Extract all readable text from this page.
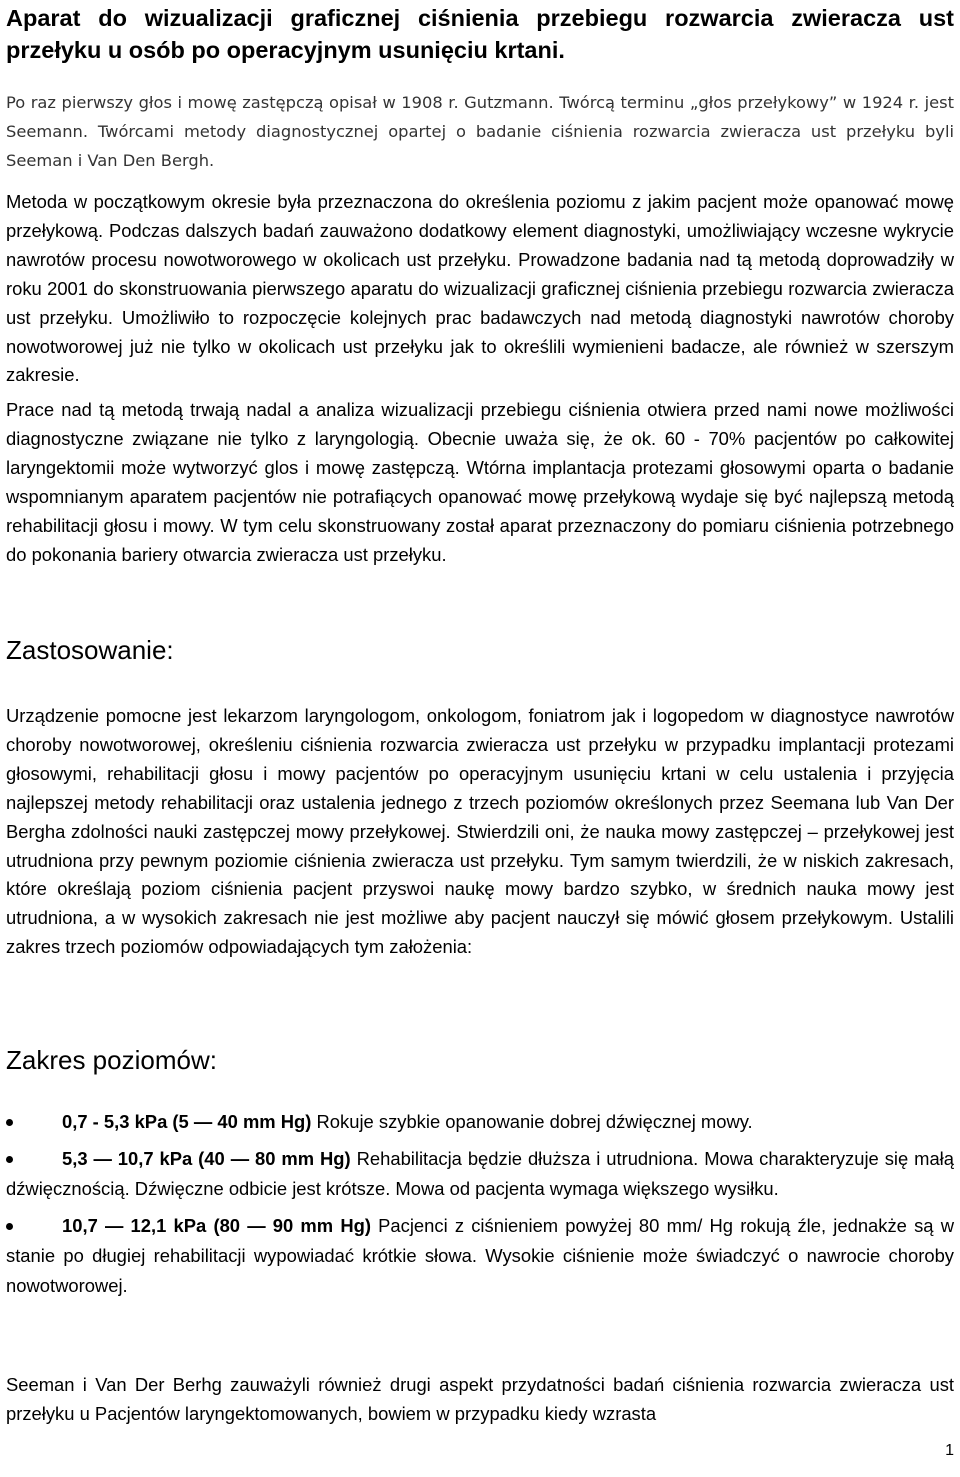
Aparat do wizualizacji graficznej ciśnienia przebiegu rozwarcia zwieracza ust przełyku u osób po operacyjnym usunięciu krtani.

Po raz pierwszy głos i mowę zastępczą opisał w 1908 r. Gutzmann. Twórcą terminu „głos przełykowy” w 1924 r. jest Seemann. Twórcami metody diagnostycznej opartej o badanie ciśnienia rozwarcia zwieracza ust przełyku byli Seeman i Van Den Bergh.

Metoda w początkowym okresie była przeznaczona do określenia poziomu z jakim pacjent może opanować mowę przełykową. Podczas dalszych badań zauważono dodatkowy element diagnostyki, umożliwiający wczesne wykrycie nawrotów procesu nowotworowego w okolicach ust przełyku. Prowadzone badania nad tą metodą doprowadziły w roku 2001 do skonstruowania pierwszego aparatu do wizualizacji graficznej ciśnienia przebiegu rozwarcia zwieracza ust przełyku. Umożliwiło to rozpoczęcie kolejnych prac badawczych nad metodą diagnostyki nawrotów choroby nowotworowej już nie tylko w okolicach ust przełyku jak to określili wymienieni badacze, ale również w szerszym zakresie.

Prace nad tą metodą trwają nadal a analiza wizualizacji przebiegu ciśnienia otwiera przed nami nowe możliwości diagnostyczne związane nie tylko z laryngologią. Obecnie uważa się, że ok. 60 - 70% pacjentów po całkowitej laryngektomii może wytworzyć glos i mowę zastępczą. Wtórna implantacja protezami głosowymi oparta o badanie wspomnianym aparatem pacjentów nie potrafiących opanować mowę przełykową wydaje się być najlepszą metodą rehabilitacji głosu i mowy. W tym celu skonstruowany został aparat przeznaczony do pomiaru ciśnienia potrzebnego do pokonania bariery otwarcia zwieracza ust przełyku.

Zastosowanie:

Urządzenie pomocne jest lekarzom laryngologom, onkologom, foniatrom jak i logopedom w diagnostyce nawrotów choroby nowotworowej, określeniu ciśnienia rozwarcia zwieracza ust przełyku w przypadku implantacji protezami głosowymi, rehabilitacji głosu i mowy pacjentów po operacyjnym usunięciu krtani w celu ustalenia i przyjęcia najlepszej metody rehabilitacji oraz ustalenia jednego z trzech poziomów określonych przez Seemana lub Van Der Bergha zdolności nauki zastępczej mowy przełykowej. Stwierdzili oni, że nauka mowy zastępczej – przełykowej jest utrudniona przy pewnym poziomie ciśnienia zwieracza ust przełyku. Tym samym twierdzili, że w niskich zakresach, które określają poziom ciśnienia pacjent przyswoi naukę mowy bardzo szybko, w średnich nauka mowy jest utrudniona, a w wysokich zakresach nie jest możliwe aby pacjent nauczył się mówić głosem przełykowym. Ustalili zakres trzech poziomów odpowiadających tym założenia:

Zakres poziomów:
0,7 - 5,3 kPa (5 — 40 mm Hg) Rokuje szybkie opanowanie dobrej dźwięcznej mowy.
5,3 — 10,7 kPa (40 — 80 mm Hg) Rehabilitacja będzie dłuższa i utrudniona. Mowa charakteryzuje się małą dźwięcznością. Dźwięczne odbicie jest krótsze. Mowa od pacjenta wymaga większego wysiłku.
10,7 — 12,1 kPa (80 — 90 mm Hg) Pacjenci z ciśnieniem powyżej 80 mm/ Hg rokują źle, jednakże są w stanie po długiej rehabilitacji wypowiadać krótkie słowa. Wysokie ciśnienie może świadczyć o nawrocie choroby nowotworowej.

Seeman i Van Der Berhg zauważyli również drugi aspekt przydatności badań ciśnienia rozwarcia zwieracza ust przełyku u Pacjentów laryngektomowanych, bowiem w przypadku kiedy wzrasta

1
